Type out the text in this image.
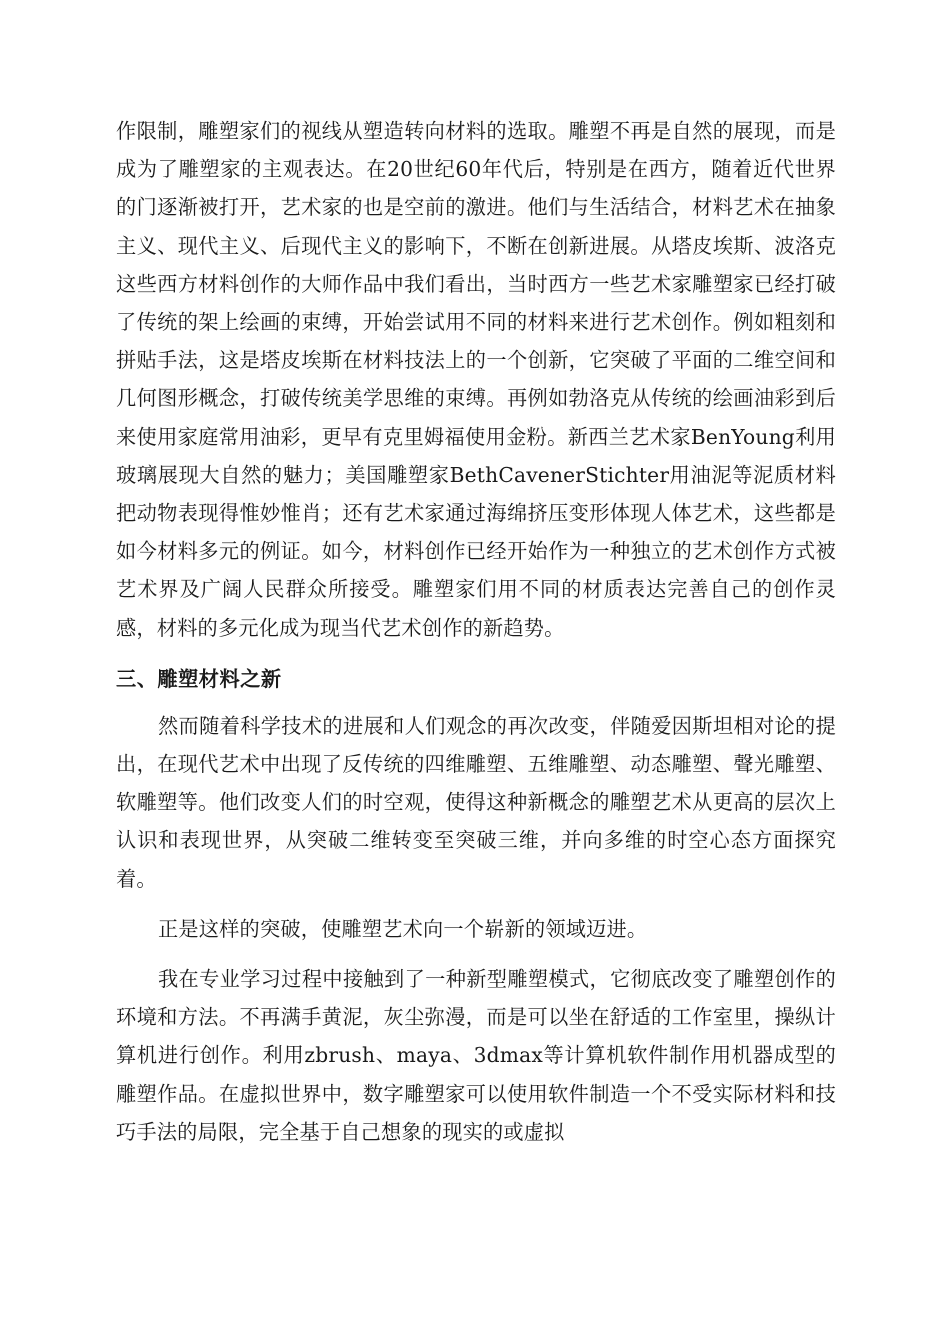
作限制，雕塑家们的视线从塑造转向材料的选取。雕塑不再是自然的展现，而是成为了雕塑家的主观表达。在20世纪60年代后，特别是在西方，随着近代世界的门逐渐被打开，艺术家的也是空前的激进。他们与生活结合，材料艺术在抽象主义、现代主义、后现代主义的影响下，不断在创新进展。从塔皮埃斯、波洛克这些西方材料创作的大师作品中我们看出，当时西方一些艺术家雕塑家已经打破了传统的架上绘画的束缚，开始尝试用不同的材料来进行艺术创作。例如粗刻和拼贴手法，这是塔皮埃斯在材料技法上的一个创新，它突破了平面的二维空间和几何图形概念，打破传统美学思维的束缚。再例如勃洛克从传统的绘画油彩到后来使用家庭常用油彩，更早有克里姆福使用金粉。新西兰艺术家BenYoung利用玻璃展现大自然的魅力；美国雕塑家BethCavenerStichter用油泥等泥质材料把动物表现得惟妙惟肖；还有艺术家通过海绵挤压变形体现人体艺术，这些都是如今材料多元的例证。如今，材料创作已经开始作为一种独立的艺术创作方式被艺术界及广阔人民群众所接受。雕塑家们用不同的材质表达完善自己的创作灵感，材料的多元化成为现当代艺术创作的新趋势。

三、雕塑材料之新

然而随着科学技术的进展和人们观念的再次改变，伴随爱因斯坦相对论的提出，在现代艺术中出现了反传统的四维雕塑、五维雕塑、动态雕塑、聲光雕塑、软雕塑等。他们改变人们的时空观，使得这种新概念的雕塑艺术从更高的层次上认识和表现世界，从突破二维转变至突破三维，并向多维的时空心态方面探究着。

正是这样的突破，使雕塑艺术向一个崭新的领域迈进。

我在专业学习过程中接触到了一种新型雕塑模式，它彻底改变了雕塑创作的环境和方法。不再满手黄泥，灰尘弥漫，而是可以坐在舒适的工作室里，操纵计算机进行创作。利用zbrush、maya、3dmax等计算机软件制作用机器成型的雕塑作品。在虚拟世界中，数字雕塑家可以使用软件制造一个不受实际材料和技巧手法的局限，完全基于自己想象的现实的或虚拟
